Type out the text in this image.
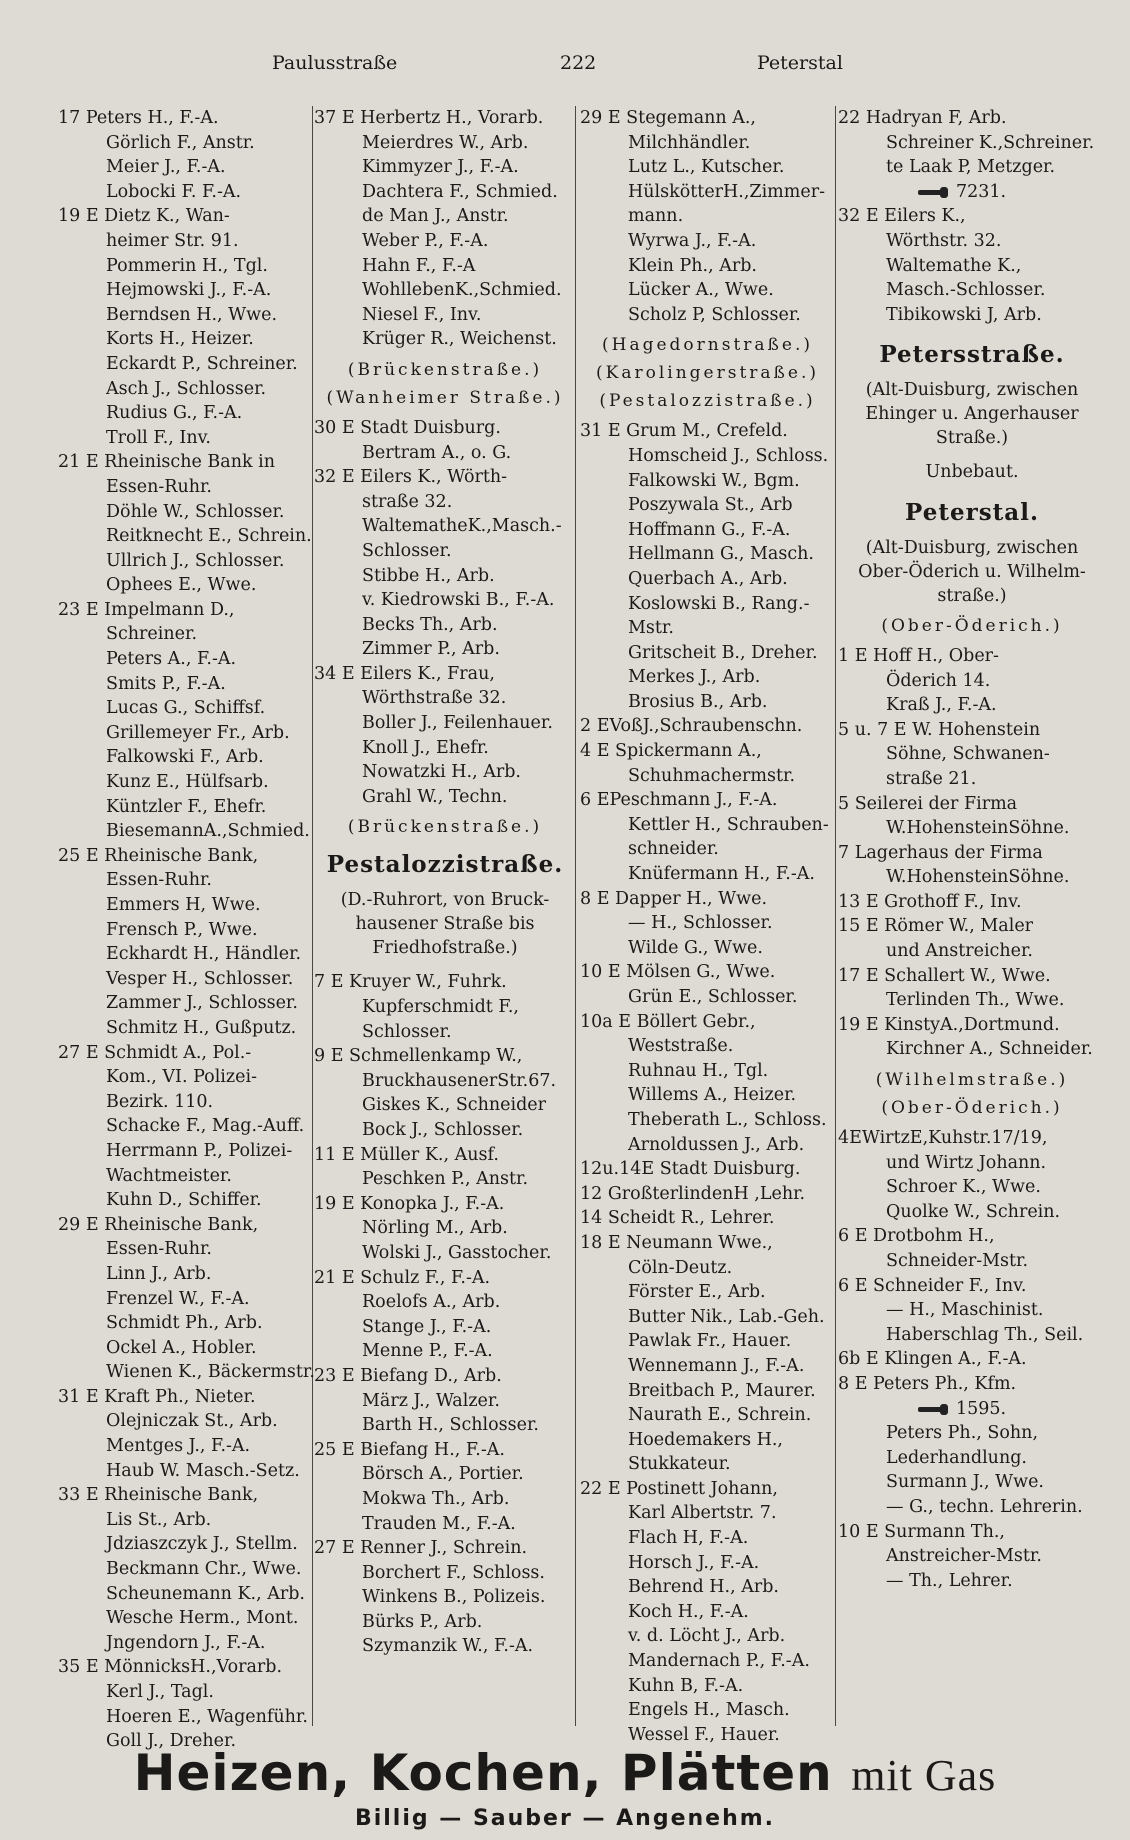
Paulusstraße	222	Peterstal
17 Peters H., F.-A.
Görlich F., Anstr.
Meier J., F.-A.
Lobocki F. F.-A.
19 E Dietz K., Wan-
heimer Str. 91.
Pommerin H., Tgl.
Hejmowski J., F.-A.
Berndsen H., Wwe.
Korts H., Heizer.
Eckardt P., Schreiner.
Asch J., Schlosser.
Rudius G., F.-A.
Troll F., Inv.
21 E Rheinische Bank in
Essen-Ruhr.
Döhle W., Schlosser.
Reitknecht E., Schrein.
Ullrich J., Schlosser.
Ophees E., Wwe.
23 E Impelmann D.,
Schreiner.
Peters A., F.-A.
Smits P., F.-A.
Lucas G., Schiffsf.
Grillemeyer Fr., Arb.
Falkowski F., Arb.
Kunz E., Hülfsarb.
Küntzler F., Ehefr.
BiesemannA.,Schmied.
25 E Rheinische Bank,
Essen-Ruhr.
Emmers H, Wwe.
Frensch P., Wwe.
Eckhardt H., Händler.
Vesper H., Schlosser.
Zammer J., Schlosser.
Schmitz H., Gußputz.
27 E Schmidt A., Pol.-
Kom., VI. Polizei-
Bezirk. 110.
Schacke F., Mag.-Auff.
Herrmann P., Polizei-
Wachtmeister.
Kuhn D., Schiffer.
29 E Rheinische Bank,
Essen-Ruhr.
Linn J., Arb.
Frenzel W., F.-A.
Schmidt Ph., Arb.
Ockel A., Hobler.
Wienen K., Bäckermstr.
31 E Kraft Ph., Nieter.
Olejniczak St., Arb.
Mentges J., F.-A.
Haub W. Masch.-Setz.
33 E Rheinische Bank,
Lis St., Arb.
Jdziaszczyk J., Stellm.
Beckmann Chr., Wwe.
Scheunemann K., Arb.
Wesche Herm., Mont.
Jngendorn J., F.-A.
35 E MönnicksH.,Vorarb.
Kerl J., Tagl.
Hoeren E., Wagenführ.
Goll J., Dreher.
37 E Herbertz H., Vorarb.
Meierdres W., Arb.
Kimmyzer J., F.-A.
Dachtera F., Schmied.
de Man J., Anstr.
Weber P., F.-A.
Hahn F., F.-A
WohllebenK.,Schmied.
Niesel F., Inv.
Krüger R., Weichenst.
(Brückenstraße.)
(Wanheimer Straße.)
30 E Stadt Duisburg.
Bertram A., o. G.
32 E Eilers K., Wörth-
straße 32.
WaltematheK.,Masch.-
Schlosser.
Stibbe H., Arb.
v. Kiedrowski B., F.-A.
Becks Th., Arb.
Zimmer P., Arb.
34 E Eilers K., Frau,
Wörthstraße 32.
Boller J., Feilenhauer.
Knoll J., Ehefr.
Nowatzki H., Arb.
Grahl W., Techn.
(Brückenstraße.)
Pestalozzistraße.
(D.-Ruhrort, von Bruck-hausener Straße bis Friedhofstraße.)
7 E Kruyer W., Fuhrk.
Kupferschmidt F.,
Schlosser.
9 E Schmellenkamp W.,
BruckhausenerStr.67.
Giskes K., Schneider
Bock J., Schlosser.
11 E Müller K., Ausf.
Peschken P., Anstr.
19 E Konopka J., F.-A.
Nörling M., Arb.
Wolski J., Gasstocher.
21 E Schulz F., F.-A.
Roelofs A., Arb.
Stange J., F.-A.
Menne P., F.-A.
23 E Biefang D., Arb.
März J., Walzer.
Barth H., Schlosser.
25 E Biefang H., F.-A.
Börsch A., Portier.
Mokwa Th., Arb.
Trauden M., F.-A.
27 E Renner J., Schrein.
Borchert F., Schloss.
Winkens B., Polizeis.
Bürks P., Arb.
Szymanzik W., F.-A.
29 E Stegemann A.,
Milchhändler.
Lutz L., Kutscher.
HülskötterH.,Zimmer-
mann.
Wyrwa J., F.-A.
Klein Ph., Arb.
Lücker A., Wwe.
Scholz P, Schlosser.
(Hagedornstraße.)
(Karolingerstraße.)
(Pestalozzistraße.)
31 E Grum M., Crefeld.
Homscheid J., Schloss.
Falkowski W., Bgm.
Poszywala St., Arb
Hoffmann G., F.-A.
Hellmann G., Masch.
Querbach A., Arb.
Koslowski B., Rang.-
Mstr.
Gritscheit B., Dreher.
Merkes J., Arb.
Brosius B., Arb.
2 EVoßJ.,Schraubenschn.
4 E Spickermann A.,
Schuhmachermstr.
6 EPeschmann J., F.-A.
Kettler H., Schrauben-
schneider.
Knüfermann H., F.-A.
8 E Dapper H., Wwe.
— H., Schlosser.
Wilde G., Wwe.
10 E Mölsen G., Wwe.
Grün E., Schlosser.
10a E Böllert Gebr.,
Weststraße.
Ruhnau H., Tgl.
Willems A., Heizer.
Theberath L., Schloss.
Arnoldussen J., Arb.
12u.14E Stadt Duisburg.
12 GroßterlindenH ,Lehr.
14 Scheidt R., Lehrer.
18 E Neumann Wwe.,
Cöln-Deutz.
Förster E., Arb.
Butter Nik., Lab.-Geh.
Pawlak Fr., Hauer.
Wennemann J., F.-A.
Breitbach P., Maurer.
Naurath E., Schrein.
Hoedemakers H.,
Stukkateur.
22 E Postinett Johann,
Karl Albertstr. 7.
Flach H, F.-A.
Horsch J., F.-A.
Behrend H., Arb.
Koch H., F.-A.
v. d. Löcht J., Arb.
Mandernach P., F.-A.
Kuhn B, F.-A.
Engels H., Masch.
Wessel F., Hauer.
22 Hadryan F, Arb.
Schreiner K.,Schreiner.
te Laak P, Metzger.
7231.
32 E Eilers K.,
Wörthstr. 32.
Waltemathe K.,
Masch.-Schlosser.
Tibikowski J, Arb.
Petersstraße.
(Alt-Duisburg, zwischen Ehinger u. Angerhauser Straße.)
Unbebaut.
Peterstal.
(Alt-Duisburg, zwischen Ober-Öderich u. Wilhelm-straße.)
(Ober-Öderich.)
1 E Hoff H., Ober-
Öderich 14.
Kraß J., F.-A.
5 u. 7 E W. Hohenstein
Söhne, Schwanen-
straße 21.
5 Seilerei der Firma
W.HohensteinSöhne.
7 Lagerhaus der Firma
W.HohensteinSöhne.
13 E Grothoff F., Inv.
15 E Römer W., Maler
und Anstreicher.
17 E Schallert W., Wwe.
Terlinden Th., Wwe.
19 E KinstyA.,Dortmund.
Kirchner A., Schneider.
(Wilhelmstraße.)
(Ober-Öderich.)
4EWirtzE,Kuhstr.17/19,
und Wirtz Johann.
Schroer K., Wwe.
Quolke W., Schrein.
6 E Drotbohm H.,
Schneider-Mstr.
6 E Schneider F., Inv.
— H., Maschinist.
Haberschlag Th., Seil.
6b E Klingen A., F.-A.
8 E Peters Ph., Kfm.
1595.
Peters Ph., Sohn,
Lederhandlung.
Surmann J., Wwe.
— G., techn. Lehrerin.
10 E Surmann Th.,
Anstreicher-Mstr.
— Th., Lehrer.
Heizen, Kochen, Plätten mit Gas
Billig — Sauber — Angenehm.
